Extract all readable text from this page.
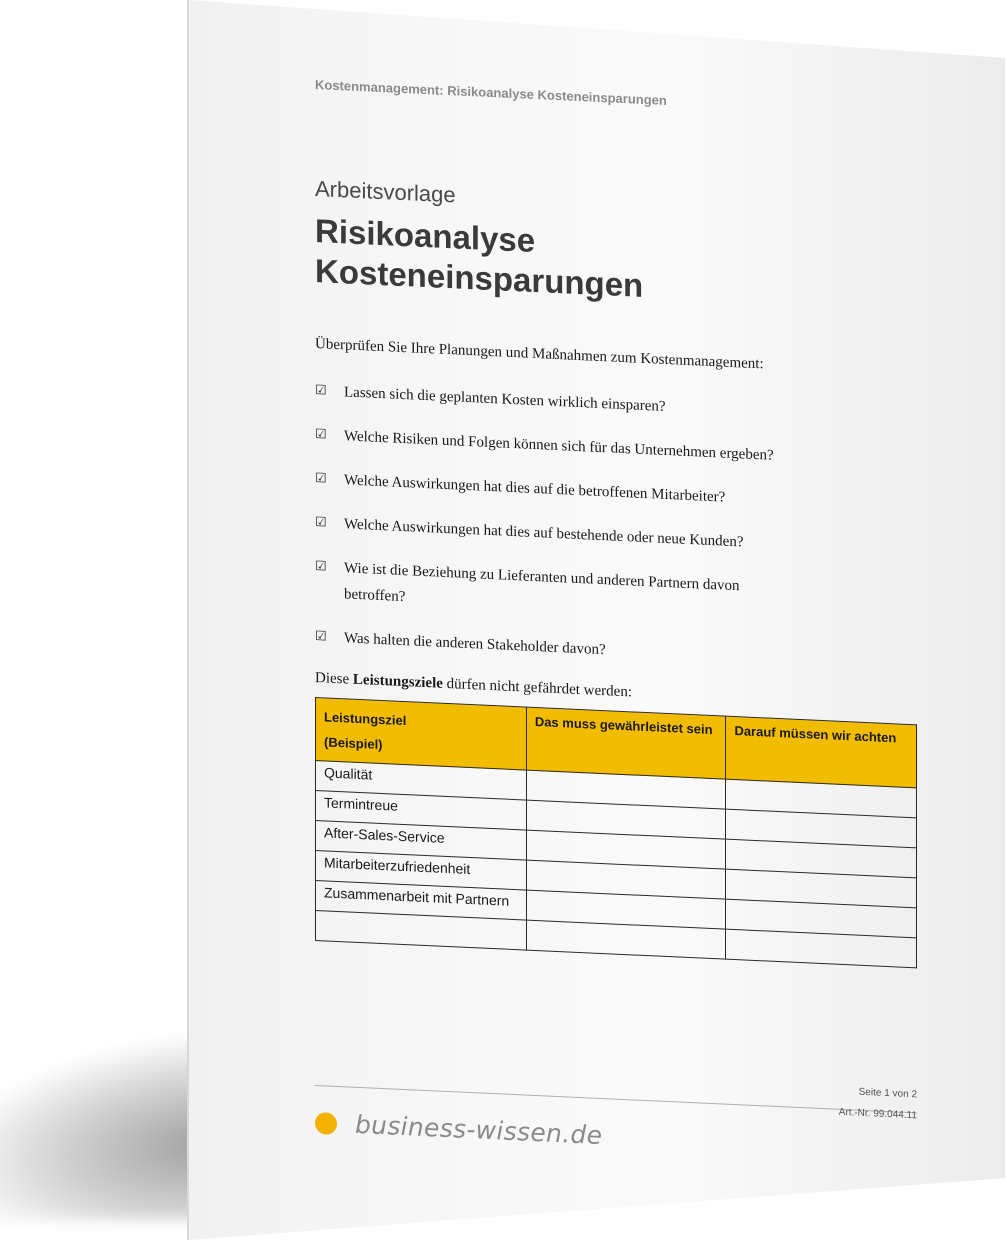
Kostenmanagement: Risikoanalyse Kosteneinsparungen
Arbeitsvorlage
Risikoanalyse
Kosteneinsparungen
Überprüfen Sie Ihre Planungen und Maßnahmen zum Kostenmanagement:
☑ Lassen sich die geplanten Kosten wirklich einsparen?
☑ Welche Risiken und Folgen können sich für das Unternehmen ergeben?
☑ Welche Auswirkungen hat dies auf die betroffenen Mitarbeiter?
☑ Welche Auswirkungen hat dies auf bestehende oder neue Kunden?
☑ Wie ist die Beziehung zu Lieferanten und anderen Partnern davon betroffen?
☑ Was halten die anderen Stakeholder davon?
Diese Leistungsziele dürfen nicht gefährdet werden:
Leistungsziel
(Beispiel)	Das muss gewährleistet sein	Darauf müssen wir achten
Qualität		
Termintreue		
After-Sales-Service		
Mitarbeiterzufriedenheit		
Zusammenarbeit mit Partnern		

Seite 1 von 2
Art.-Nr. 99.044.11
business-wissen.de
